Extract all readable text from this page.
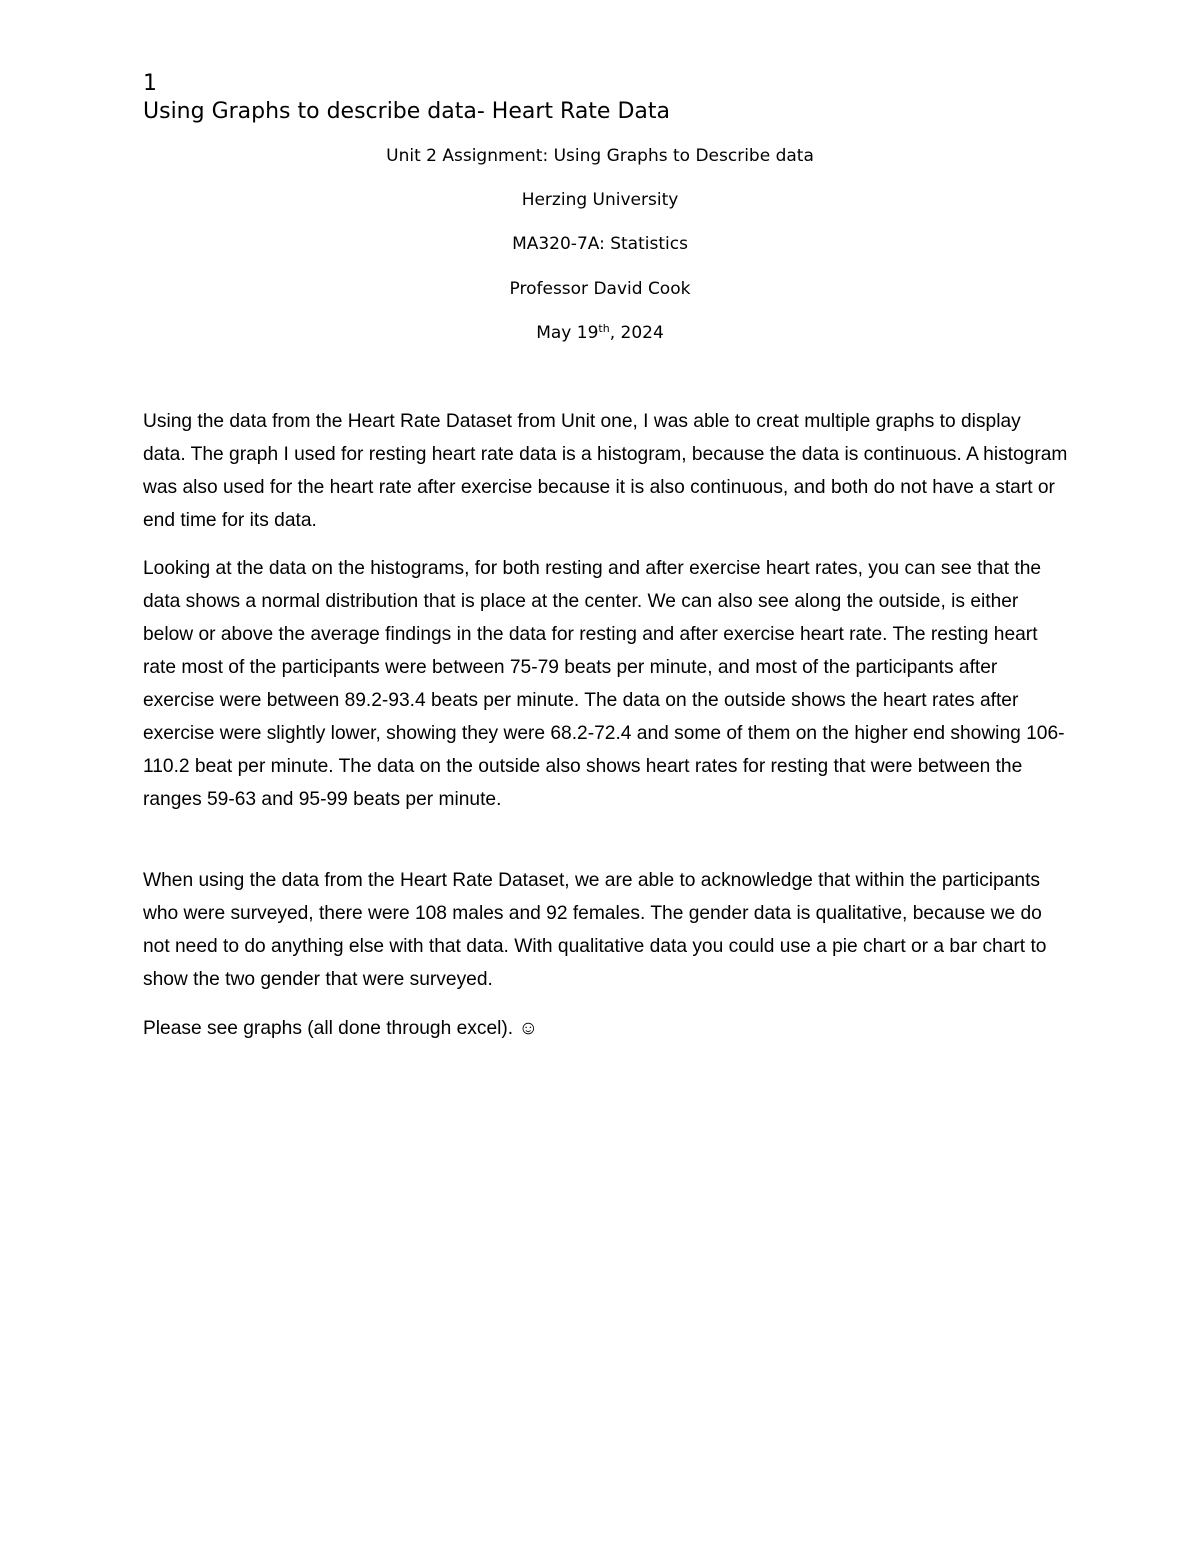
1

Using Graphs to describe data- Heart Rate Data

Unit 2 Assignment: Using Graphs to Describe data

Herzing University

MA320-7A: Statistics

Professor David Cook

May 19th, 2024

Using the data from the Heart Rate Dataset from Unit one, I was able to creat multiple graphs to display data. The graph I used for resting heart rate data is a histogram, because the data is continuous. A histogram was also used for the heart rate after exercise because it is also continuous, and both do not have a start or end time for its data.

Looking at the data on the histograms, for both resting and after exercise heart rates, you can see that the data shows a normal distribution that is place at the center. We can also see along the outside, is either below or above the average findings in the data for resting and after exercise heart rate. The resting heart rate most of the participants were between 75-79 beats per minute, and most of the participants after exercise were between 89.2-93.4 beats per minute. The data on the outside shows the heart rates after exercise were slightly lower, showing they were 68.2-72.4 and some of them on the higher end showing 106-110.2 beat per minute. The data on the outside also shows heart rates for resting that were between the ranges 59-63 and 95-99 beats per minute.

When using the data from the Heart Rate Dataset, we are able to acknowledge that within the participants who were surveyed, there were 108 males and 92 females. The gender data is qualitative, because we do not need to do anything else with that data. With qualitative data you could use a pie chart or a bar chart to show the two gender that were surveyed.

Please see graphs (all done through excel). ☺
